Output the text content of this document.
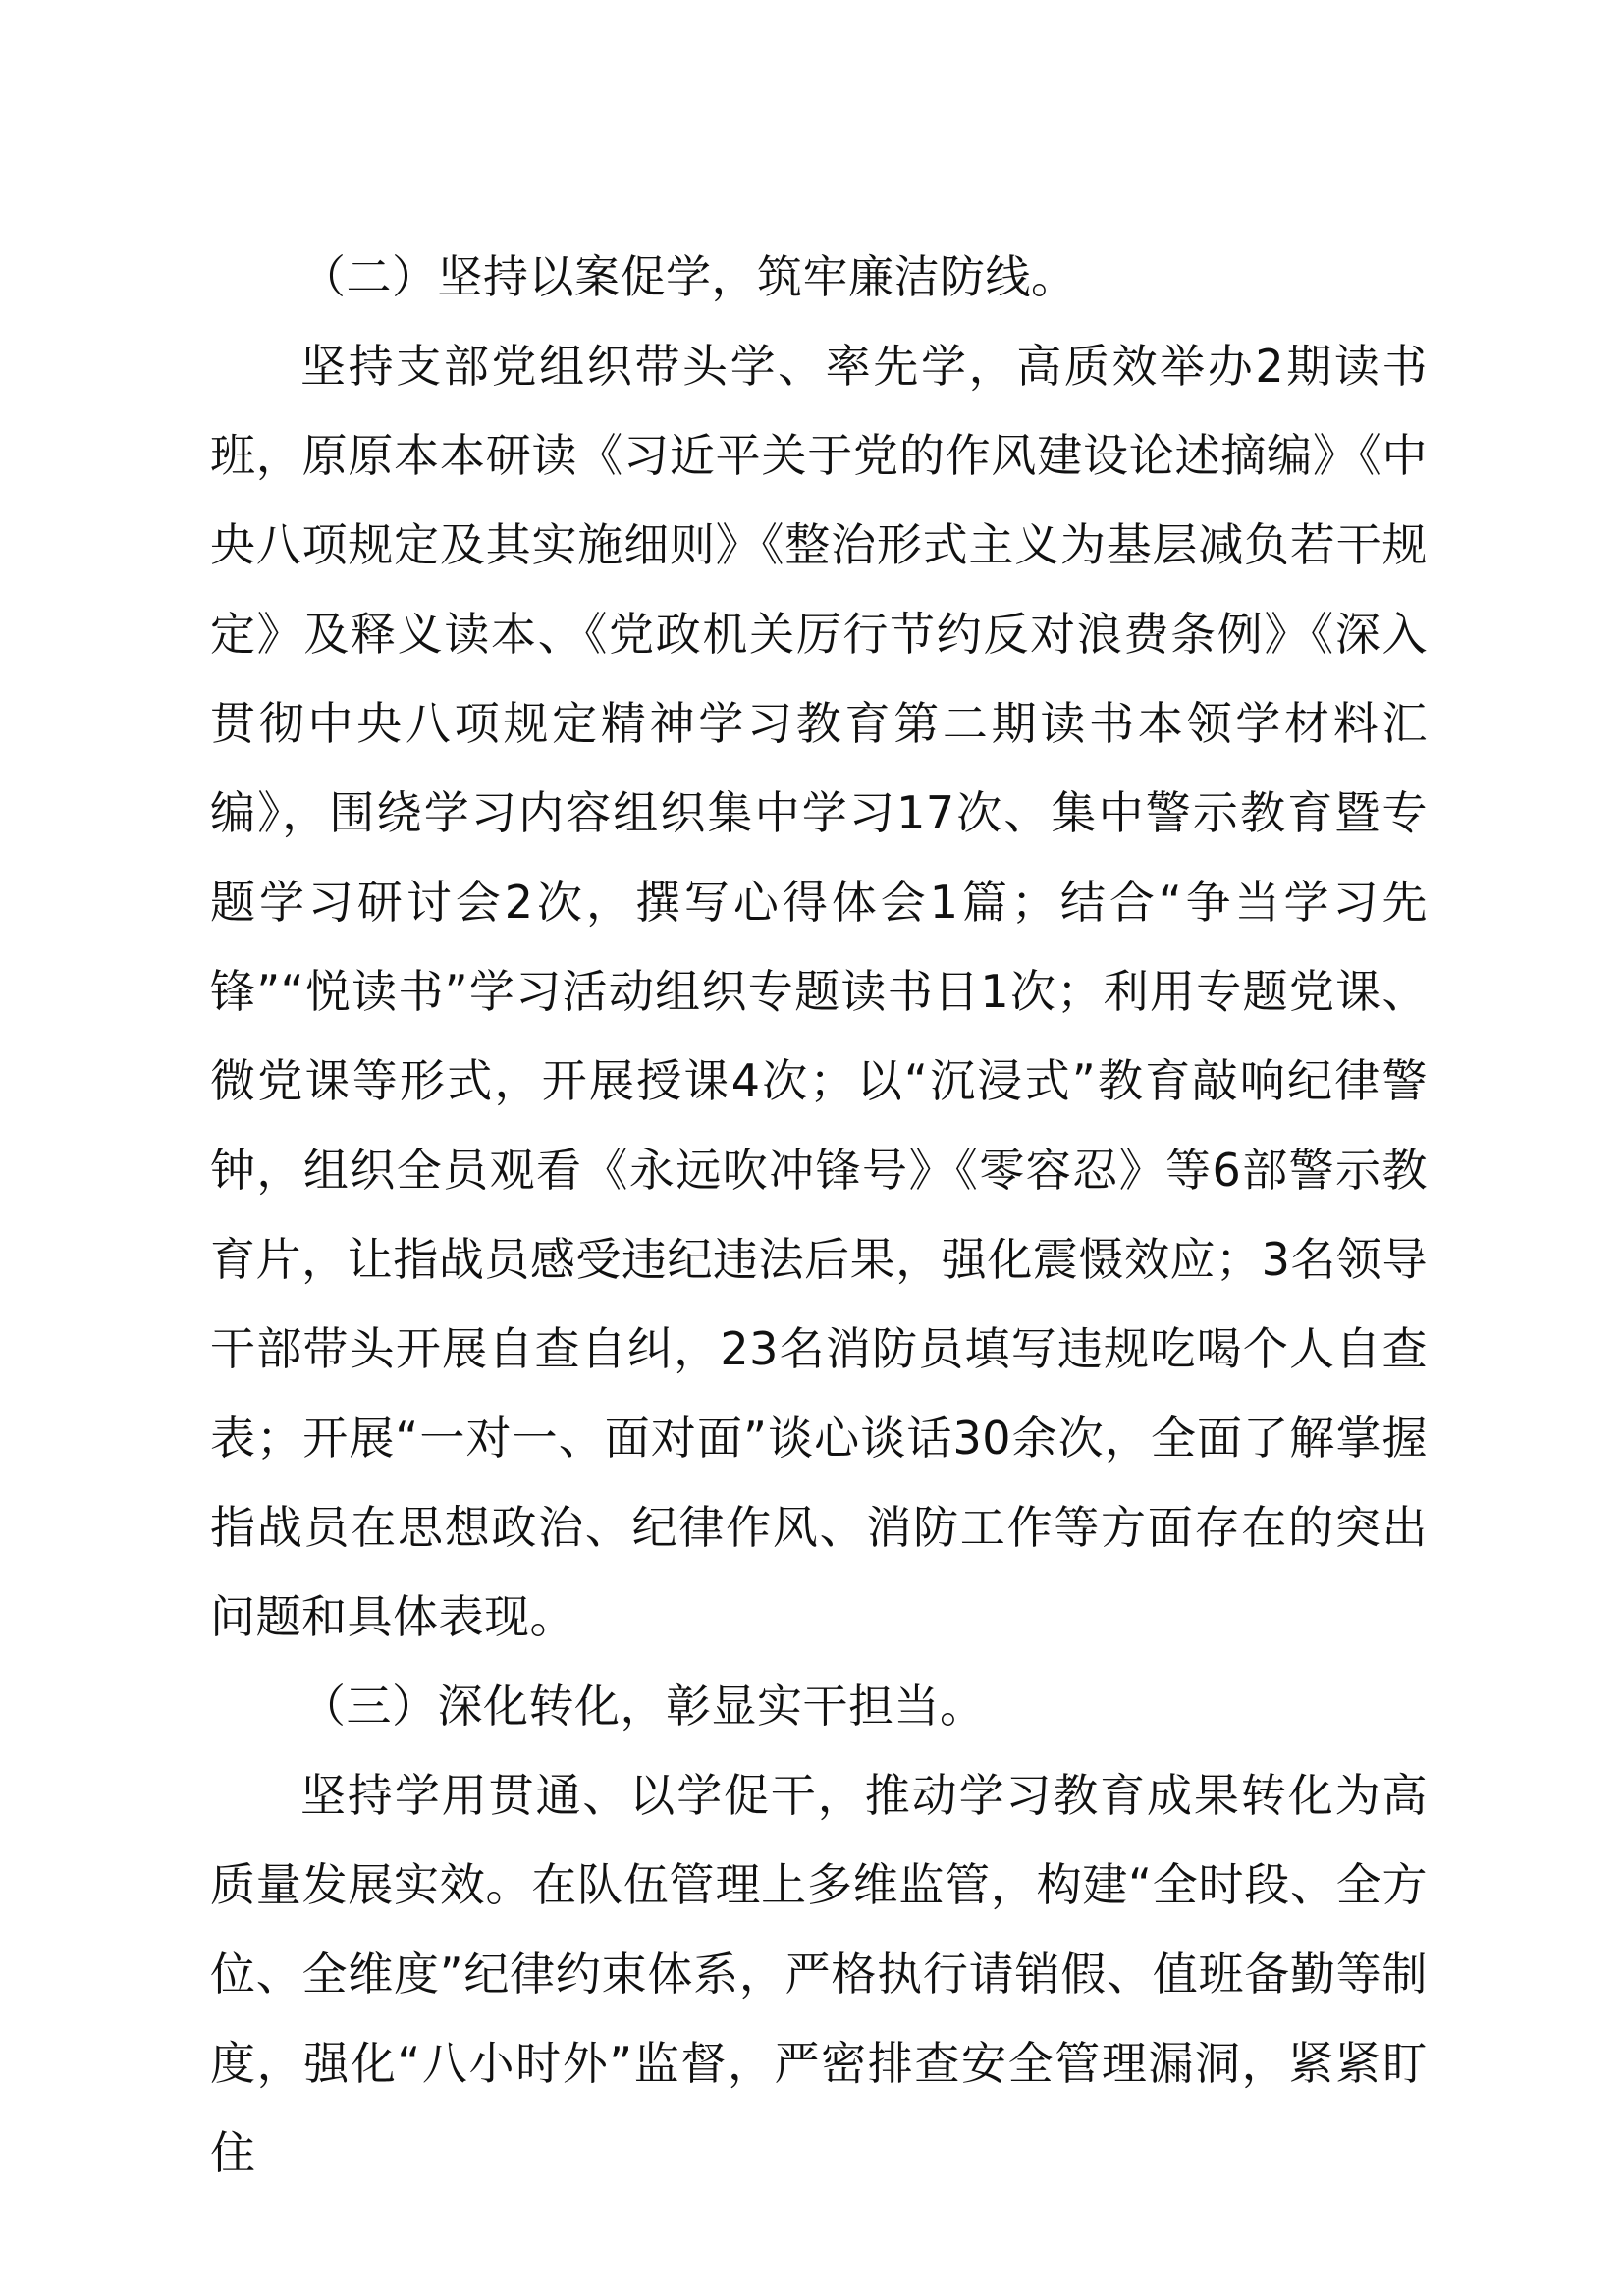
（二）坚持以案促学，筑牢廉洁防线。

坚持支部党组织带头学、率先学，高质效举办2期读书班，原原本本研读《习近平关于党的作风建设论述摘编》《中央八项规定及其实施细则》《整治形式主义为基层减负若干规定》及释义读本、《党政机关厉行节约反对浪费条例》《深入贯彻中央八项规定精神学习教育第二期读书本领学材料汇编》，围绕学习内容组织集中学习17次、集中警示教育暨专题学习研讨会2次，撰写心得体会1篇；结合“争当学习先锋”“悦读书”学习活动组织专题读书日1次；利用专题党课、微党课等形式，开展授课4次；以“沉浸式”教育敲响纪律警钟，组织全员观看《永远吹冲锋号》《零容忍》等6部警示教育片，让指战员感受违纪违法后果，强化震慑效应；3名领导干部带头开展自查自纠，23名消防员填写违规吃喝个人自查表；开展“一对一、面对面”谈心谈话30余次，全面了解掌握指战员在思想政治、纪律作风、消防工作等方面存在的突出问题和具体表现。

（三）深化转化，彰显实干担当。

坚持学用贯通、以学促干，推动学习教育成果转化为高质量发展实效。在队伍管理上多维监管，构建“全时段、全方位、全维度”纪律约束体系，严格执行请销假、值班备勤等制度，强化“八小时外”监督，严密排查安全管理漏洞，紧紧盯住
